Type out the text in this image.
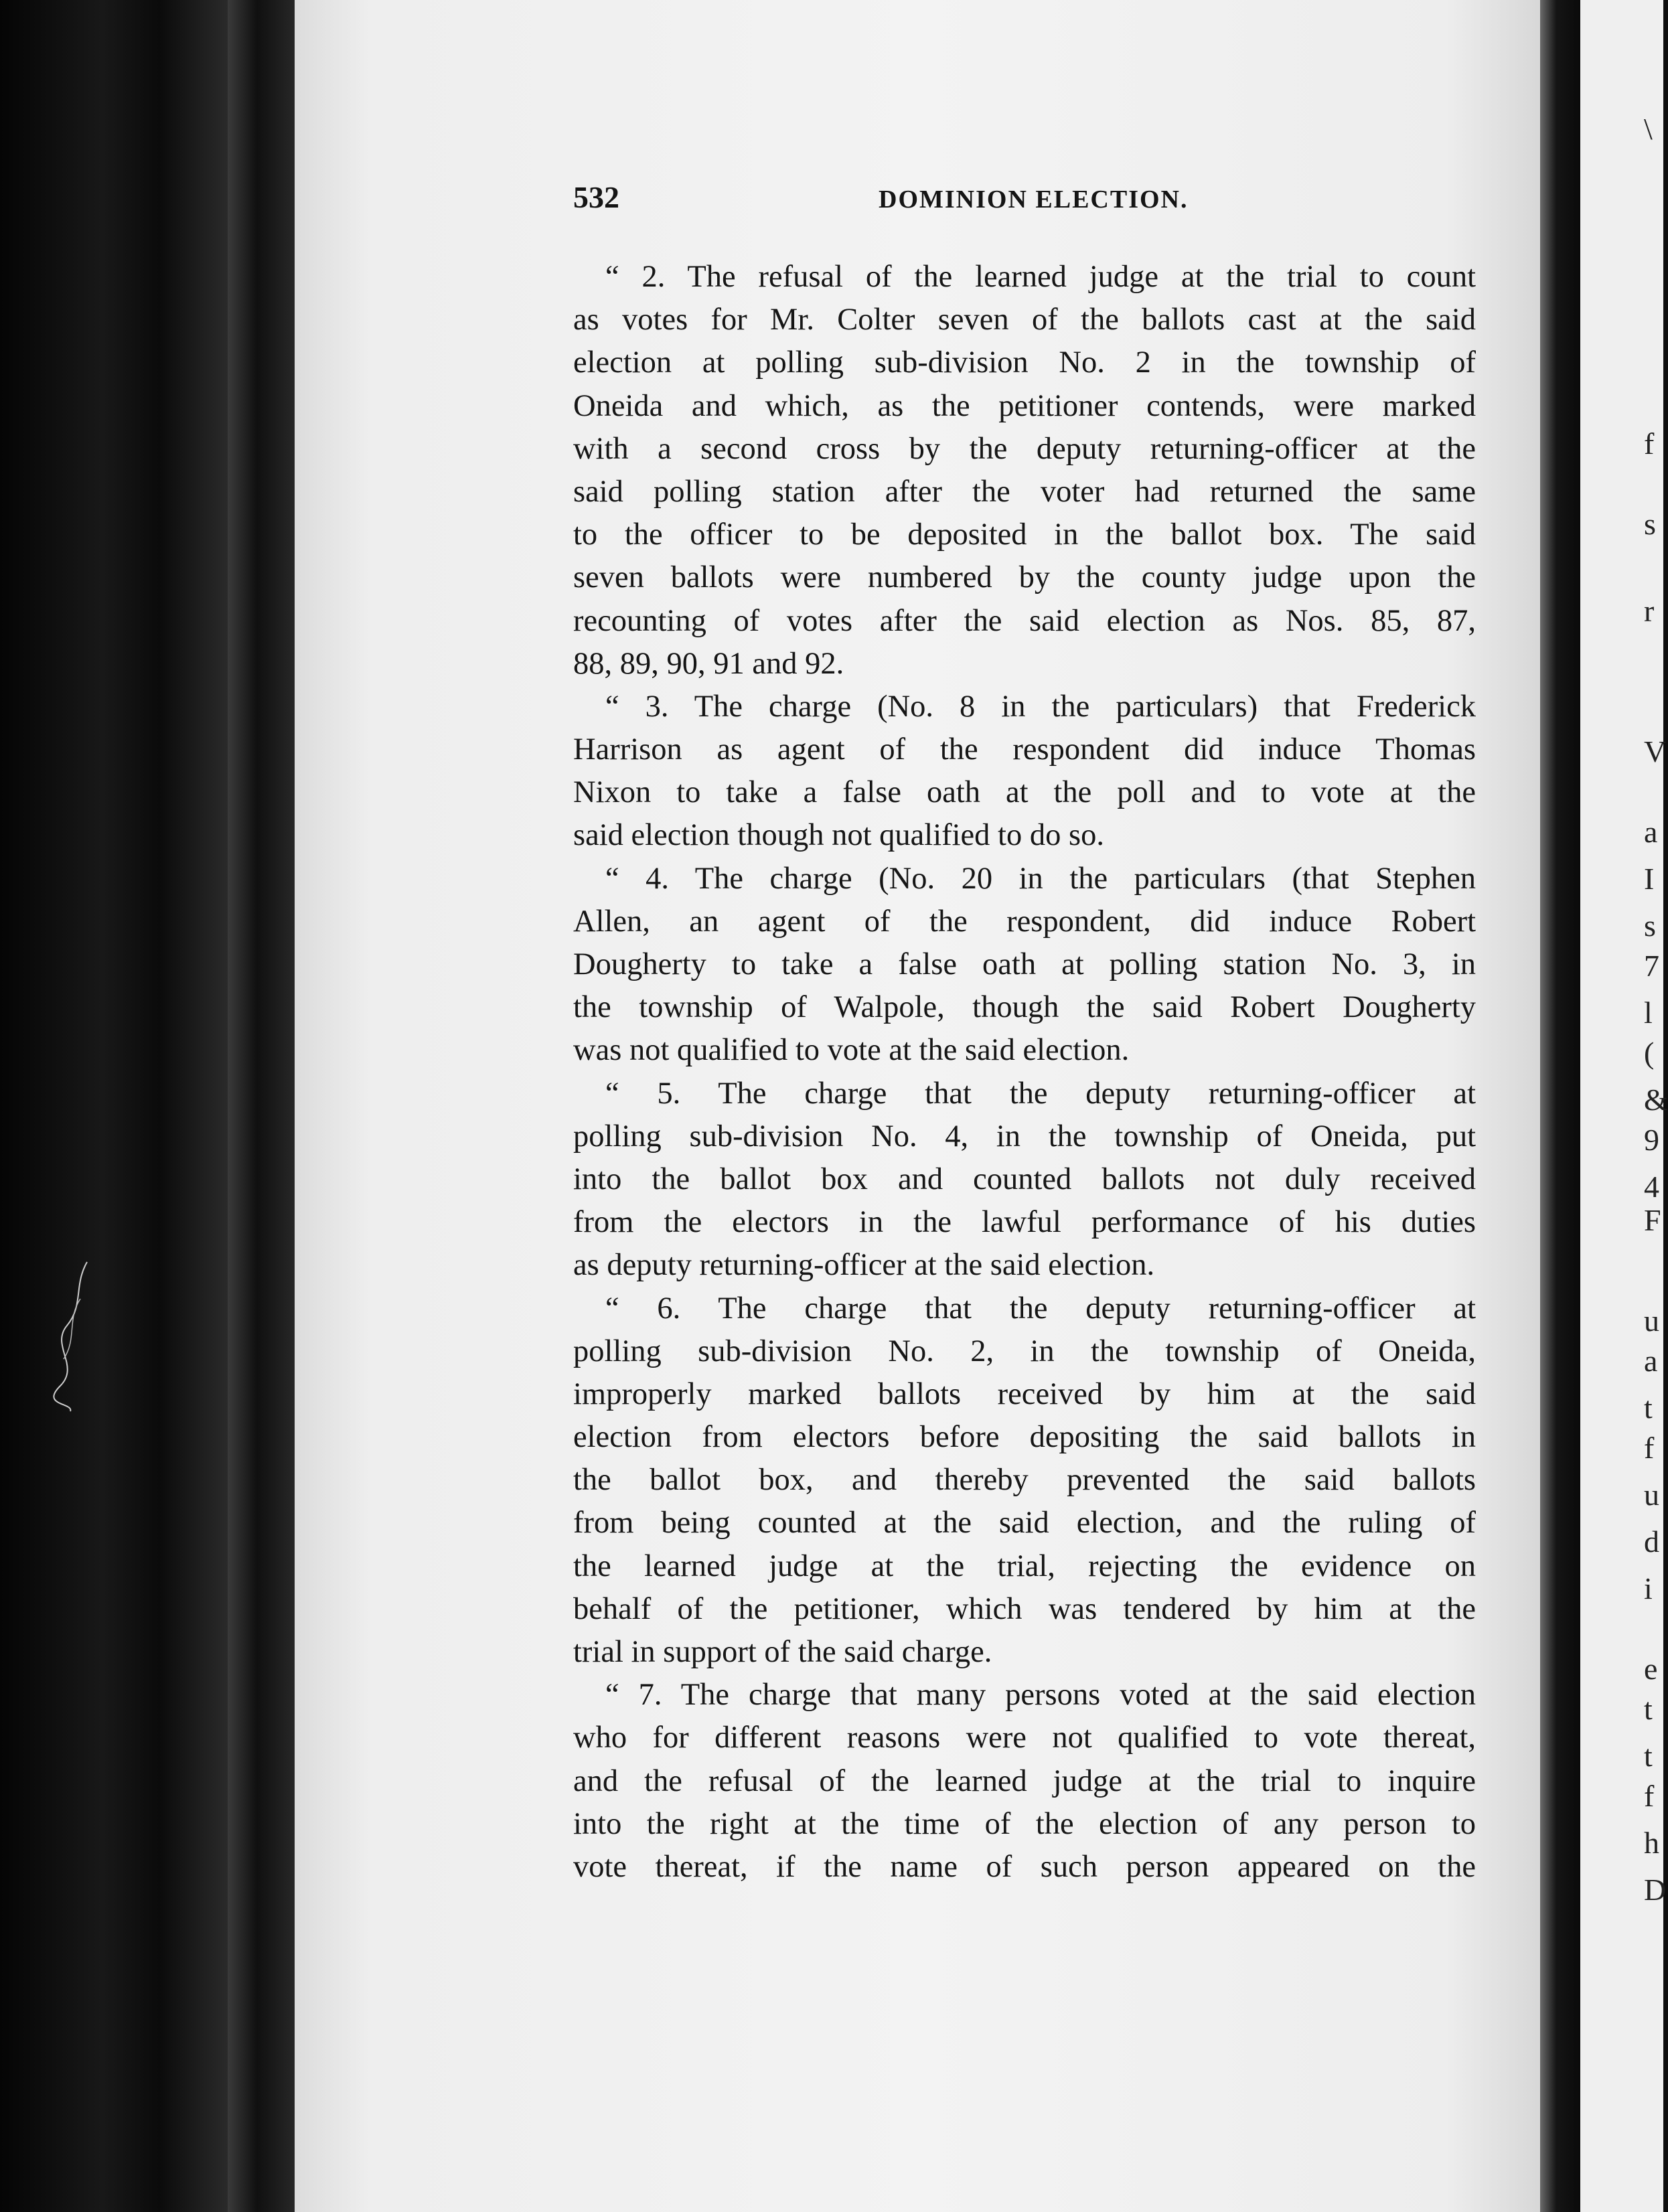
532	DOMINION ELECTION.
“ 2. The refusal of the learned judge at the trial to count
as votes for Mr. Colter seven of the ballots cast at the said
election at polling sub-division No. 2 in the township of
Oneida and which, as the petitioner contends, were marked
with a second cross by the deputy returning-officer at the
said polling station after the voter had returned the same
to the officer to be deposited in the ballot box. The said
seven ballots were numbered by the county judge upon the
recounting of votes after the said election as Nos. 85, 87,
88, 89, 90, 91 and 92.
“ 3. The charge (No. 8 in the particulars) that Frederick
Harrison as agent of the respondent did induce Thomas
Nixon to take a false oath at the poll and to vote at the
said election though not qualified to do so.
“ 4. The charge (No. 20 in the particulars (that Stephen
Allen, an agent of the respondent, did induce Robert
Dougherty to take a false oath at polling station No. 3, in
the township of Walpole, though the said Robert Dougherty
was not qualified to vote at the said election.
“ 5. The charge that the deputy returning-officer at
polling sub-division No. 4, in the township of Oneida, put
into the ballot box and counted ballots not duly received
from the electors in the lawful performance of his duties
as deputy returning-officer at the said election.
“ 6. The charge that the deputy returning-officer at
polling sub-division No. 2, in the township of Oneida,
improperly marked ballots received by him at the said
election from electors before depositing the said ballots in
the ballot box, and thereby prevented the said ballots
from being counted at the said election, and the ruling of
the learned judge at the trial, rejecting the evidence on
behalf of the petitioner, which was tendered by him at the
trial in support of the said charge.
“ 7. The charge that many persons voted at the said election
who for different reasons were not qualified to vote thereat,
and the refusal of the learned judge at the trial to inquire
into the right at the time of the election of any person to
vote thereat, if the name of such person appeared on the
\
f
s
r
V
a
I
s
7
l
(
&
9
4
F
u
a
t
f
u
d
i
e
t
t
f
h
D
